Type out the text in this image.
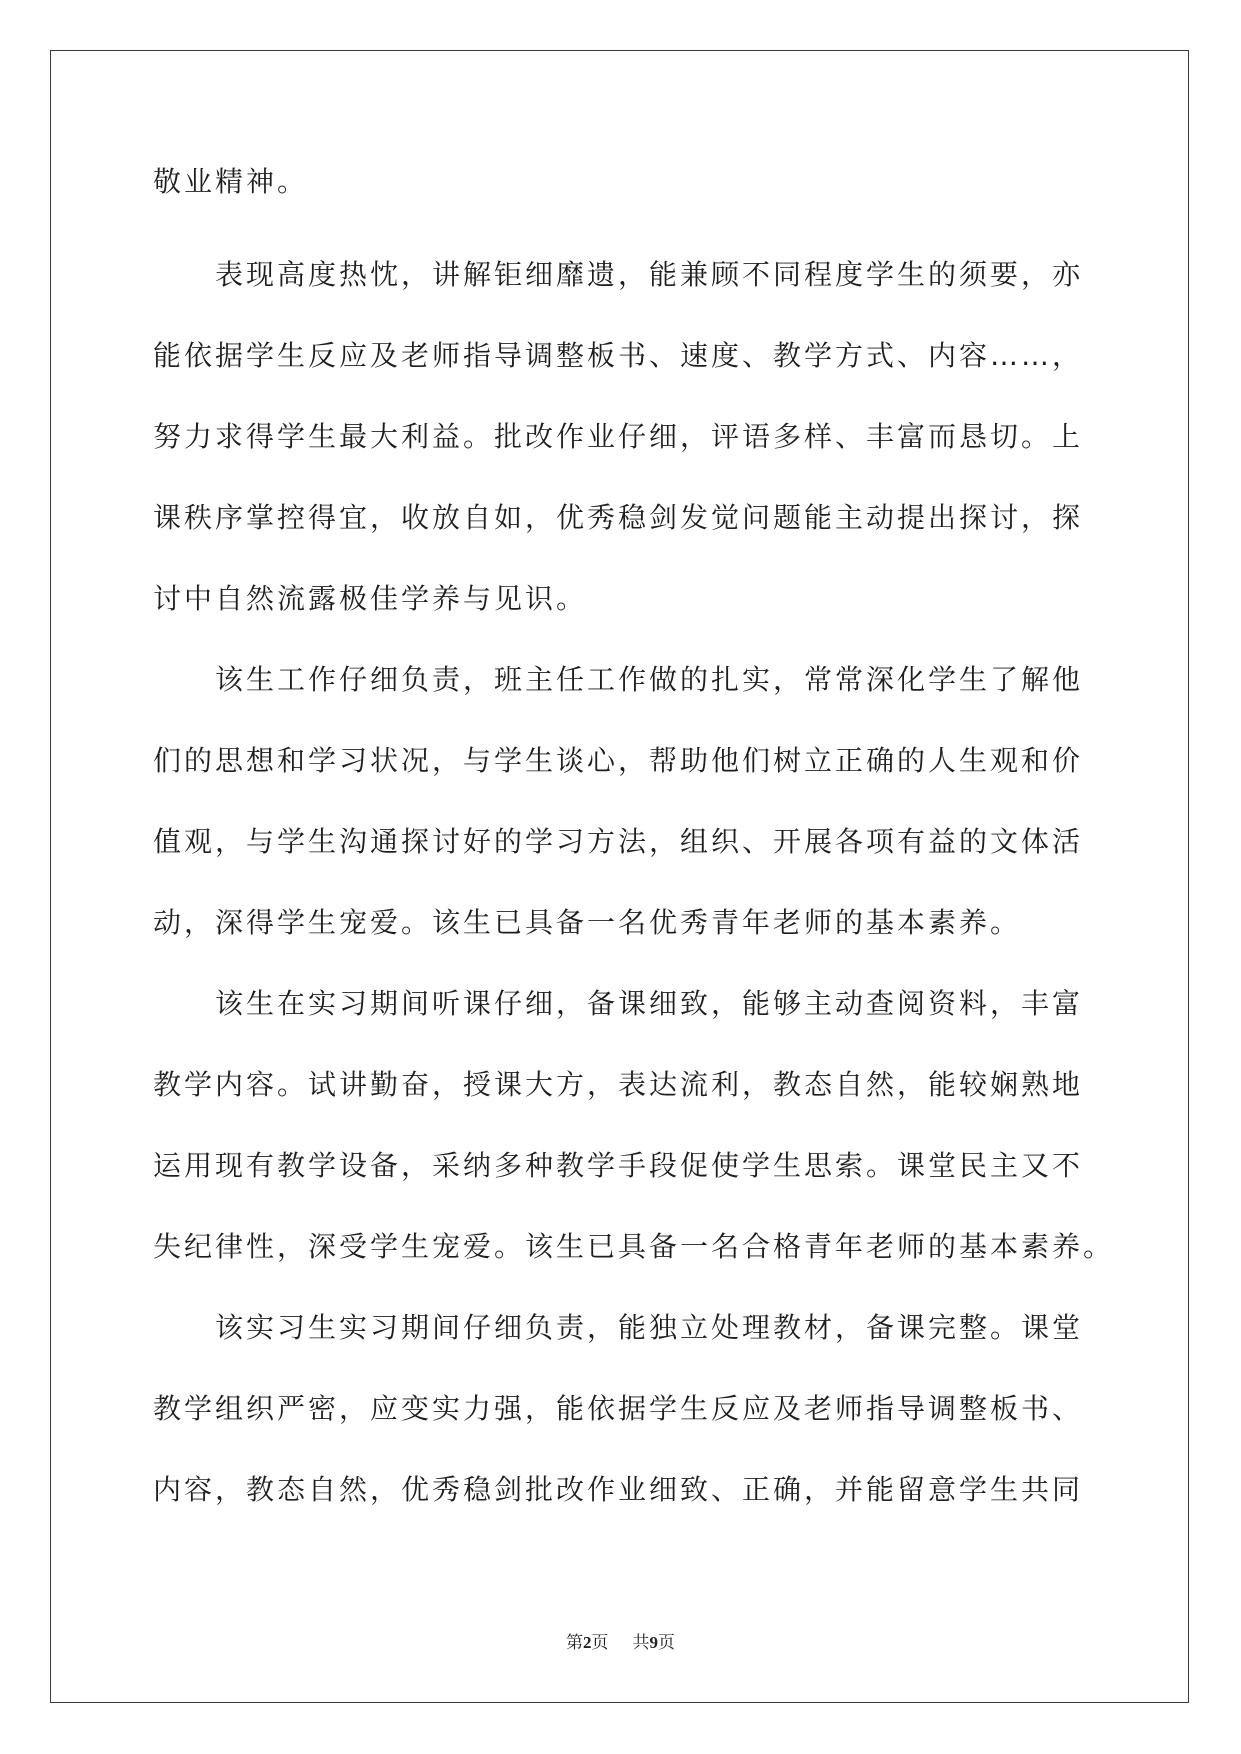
敬业精神。
表现高度热忱，讲解钜细靡遗，能兼顾不同程度学生的须要，亦
能依据学生反应及老师指导调整板书、速度、教学方式、内容……，
努力求得学生最大利益。批改作业仔细，评语多样、丰富而恳切。上
课秩序掌控得宜，收放自如，优秀稳剑发觉问题能主动提出探讨，探
讨中自然流露极佳学养与见识。
该生工作仔细负责，班主任工作做的扎实，常常深化学生了解他
们的思想和学习状况，与学生谈心，帮助他们树立正确的人生观和价
值观，与学生沟通探讨好的学习方法，组织、开展各项有益的文体活
动，深得学生宠爱。该生已具备一名优秀青年老师的基本素养。
该生在实习期间听课仔细，备课细致，能够主动查阅资料，丰富
教学内容。试讲勤奋，授课大方，表达流利，教态自然，能较娴熟地
运用现有教学设备，采纳多种教学手段促使学生思索。课堂民主又不
失纪律性，深受学生宠爱。该生已具备一名合格青年老师的基本素养。
该实习生实习期间仔细负责，能独立处理教材，备课完整。课堂
教学组织严密，应变实力强，能依据学生反应及老师指导调整板书、
内容，教态自然，优秀稳剑批改作业细致、正确，并能留意学生共同
第2页 共9页
